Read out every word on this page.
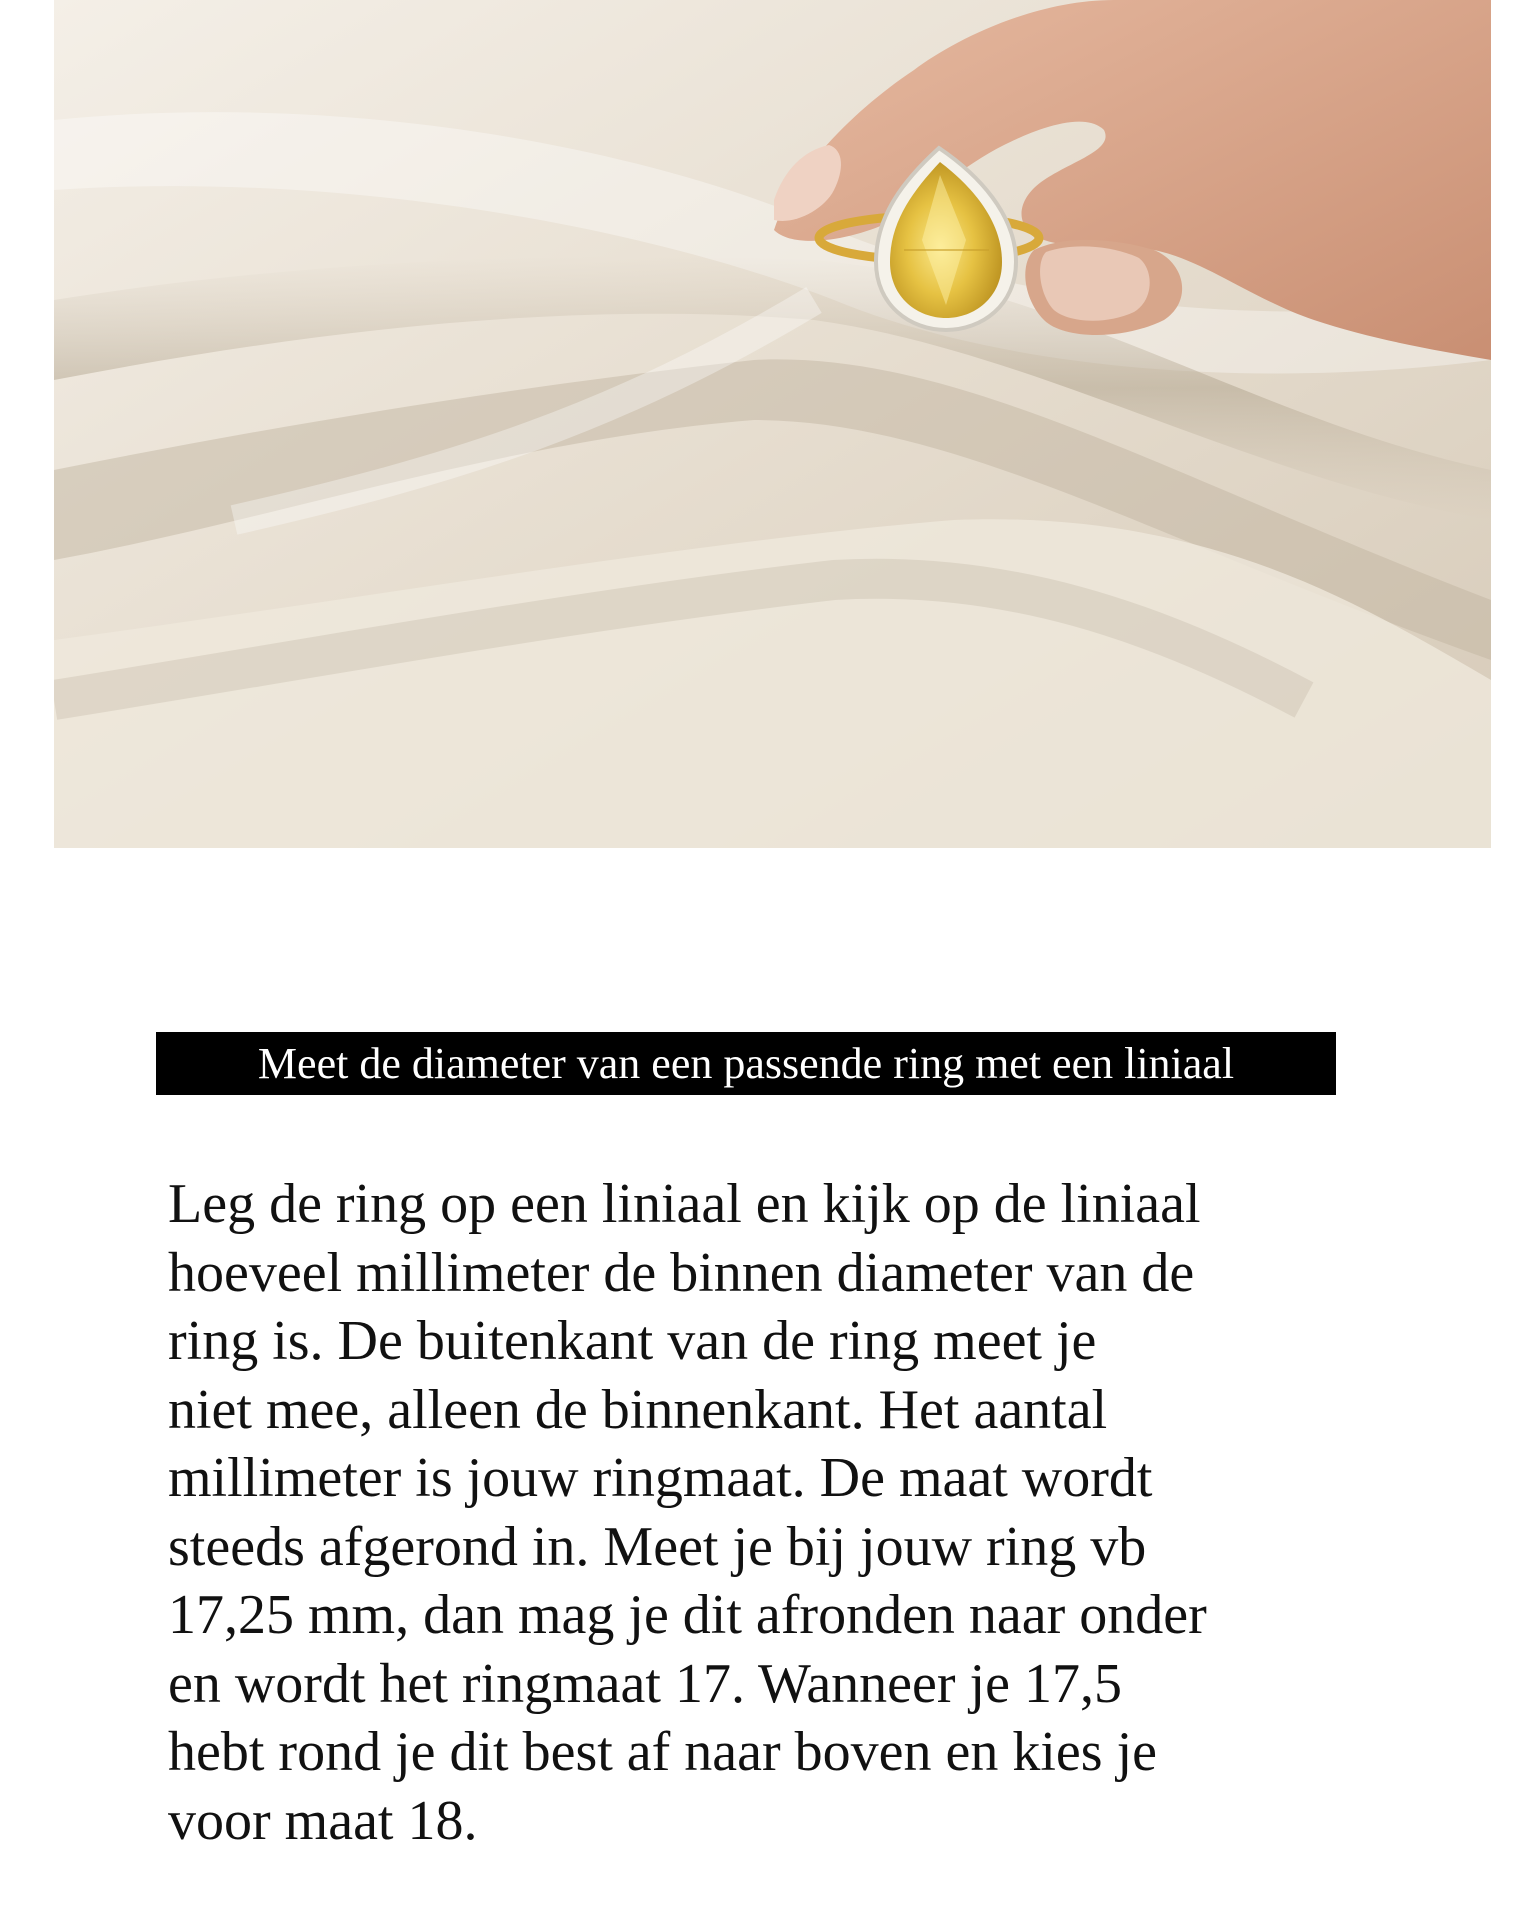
Meet de diameter van een passende ring met een liniaal
Leg de ring op een liniaal en kijk op de liniaal
hoeveel millimeter de binnen diameter van de
ring is. De buitenkant van de ring meet je
niet mee, alleen de binnenkant. Het aantal
millimeter is jouw ringmaat. De maat wordt
steeds afgerond in. Meet je bij jouw ring vb
17,25 mm, dan mag je dit afronden naar onder
en wordt het ringmaat 17. Wanneer je 17,5
hebt rond je dit best af naar boven en kies je
voor maat 18.
